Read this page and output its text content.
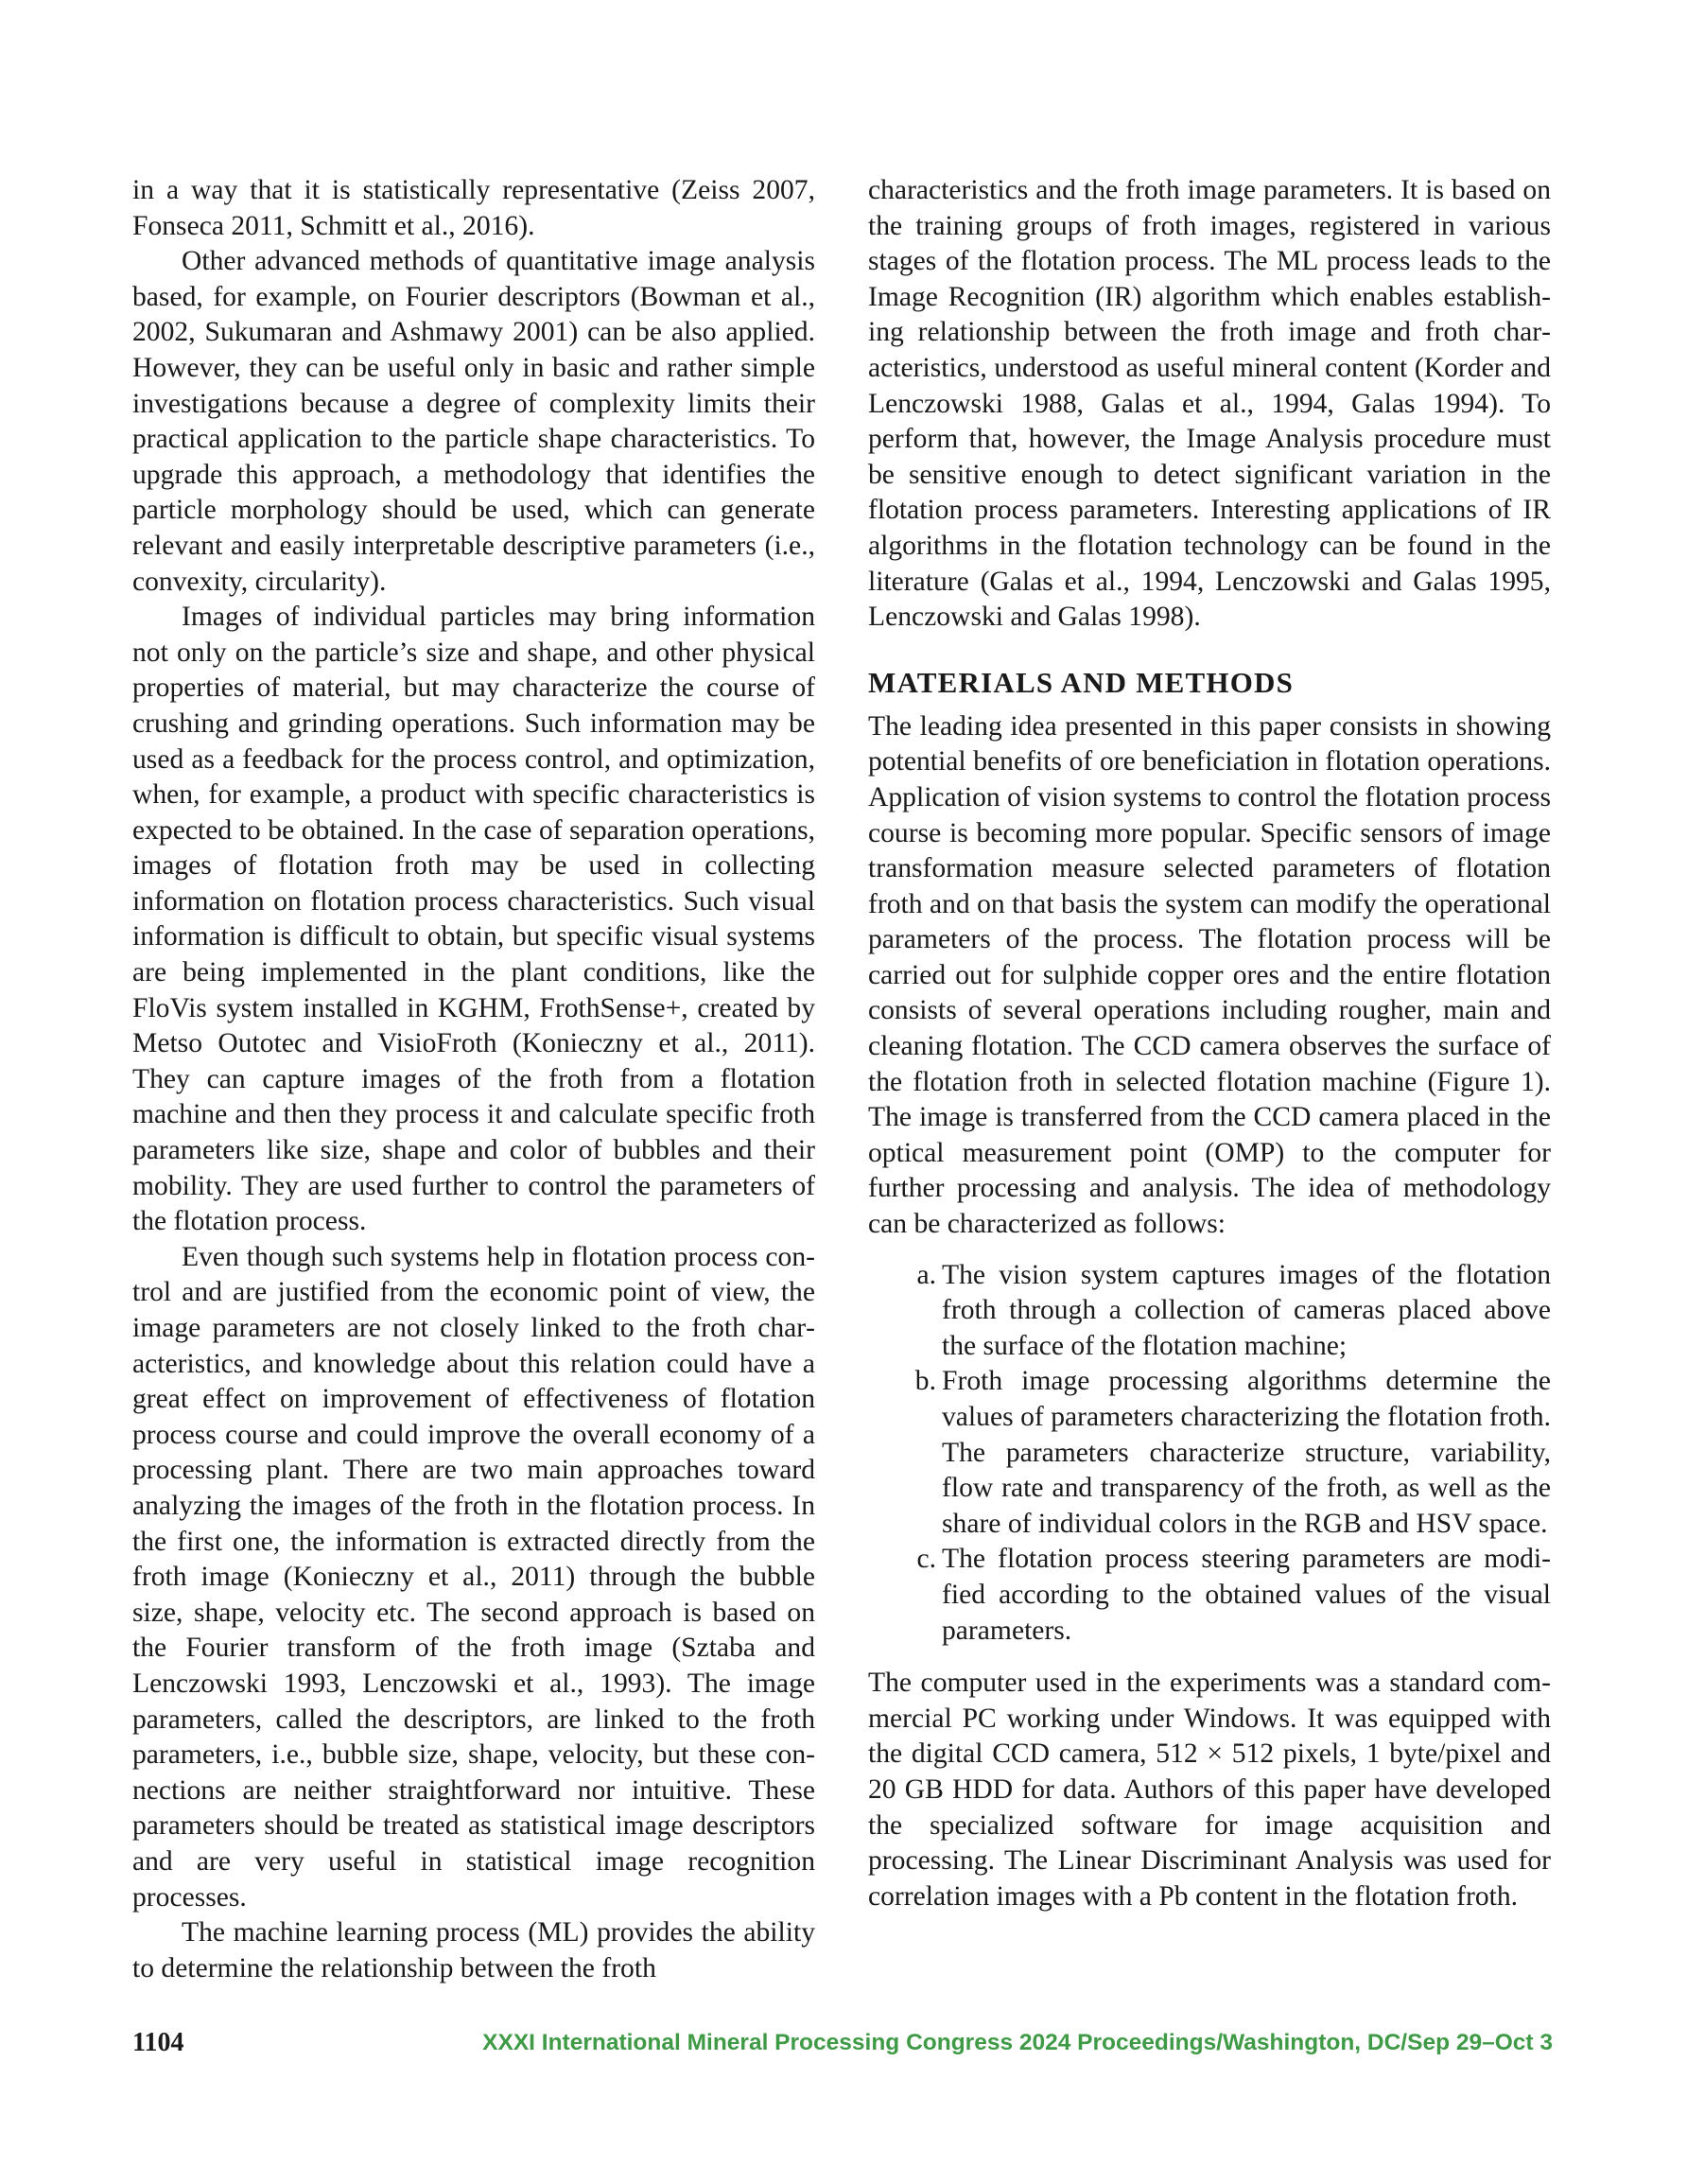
in a way that it is statistically representative (Zeiss 2007, Fonseca 2011, Schmitt et al., 2016).

Other advanced methods of quantitative image analysis based, for example, on Fourier descriptors (Bowman et al., 2002, Sukumaran and Ashmawy 2001) can be also applied. However, they can be useful only in basic and rather simple investigations because a degree of complexity limits their practical application to the particle shape characteristics. To upgrade this approach, a methodology that identifies the particle morphology should be used, which can generate relevant and easily interpretable descriptive parameters (i.e., convexity, circularity).

Images of individual particles may bring information not only on the particle’s size and shape, and other physical properties of material, but may characterize the course of crushing and grinding operations. Such information may be used as a feedback for the process control, and optimization, when, for example, a product with specific characteristics is expected to be obtained. In the case of separation operations, images of flotation froth may be used in collecting information on flotation process characteristics. Such visual information is difficult to obtain, but specific visual systems are being implemented in the plant conditions, like the FloVis system installed in KGHM, FrothSense+, created by Metso Outotec and VisioFroth (Konieczny et al., 2011). They can capture images of the froth from a flotation machine and then they process it and calculate specific froth parameters like size, shape and color of bubbles and their mobility. They are used further to control the parameters of the flotation process.

Even though such systems help in flotation process control and are justified from the economic point of view, the image parameters are not closely linked to the froth characteristics, and knowledge about this relation could have a great effect on improvement of effectiveness of flotation process course and could improve the overall economy of a processing plant. There are two main approaches toward analyzing the images of the froth in the flotation process. In the first one, the information is extracted directly from the froth image (Konieczny et al., 2011) through the bubble size, shape, velocity etc. The second approach is based on the Fourier transform of the froth image (Sztaba and Lenczowski 1993, Lenczowski et al., 1993). The image parameters, called the descriptors, are linked to the froth parameters, i.e., bubble size, shape, velocity, but these connections are neither straightforward nor intuitive. These parameters should be treated as statistical image descriptors and are very useful in statistical image recognition processes.

The machine learning process (ML) provides the ability to determine the relationship between the froth

characteristics and the froth image parameters. It is based on the training groups of froth images, registered in various stages of the flotation process. The ML process leads to the Image Recognition (IR) algorithm which enables establishing relationship between the froth image and froth characteristics, understood as useful mineral content (Korder and Lenczowski 1988, Galas et al., 1994, Galas 1994). To perform that, however, the Image Analysis procedure must be sensitive enough to detect significant variation in the flotation process parameters. Interesting applications of IR algorithms in the flotation technology can be found in the literature (Galas et al., 1994, Lenczowski and Galas 1995, Lenczowski and Galas 1998).

MATERIALS AND METHODS

The leading idea presented in this paper consists in showing potential benefits of ore beneficiation in flotation operations. Application of vision systems to control the flotation process course is becoming more popular. Specific sensors of image transformation measure selected parameters of flotation froth and on that basis the system can modify the operational parameters of the process. The flotation process will be carried out for sulphide copper ores and the entire flotation consists of several operations including rougher, main and cleaning flotation. The CCD camera observes the surface of the flotation froth in selected flotation machine (Figure 1). The image is transferred from the CCD camera placed in the optical measurement point (OMP) to the computer for further processing and analysis. The idea of methodology can be characterized as follows:

a. The vision system captures images of the flotation froth through a collection of cameras placed above the surface of the flotation machine;
b. Froth image processing algorithms determine the values of parameters characterizing the flotation froth. The parameters characterize structure, variability, flow rate and transparency of the froth, as well as the share of individual colors in the RGB and HSV space.
c. The flotation process steering parameters are modified according to the obtained values of the visual parameters.

The computer used in the experiments was a standard commercial PC working under Windows. It was equipped with the digital CCD camera, 512 × 512 pixels, 1 byte/pixel and 20 GB HDD for data. Authors of this paper have developed the specialized software for image acquisition and processing. The Linear Discriminant Analysis was used for correlation images with a Pb content in the flotation froth.

1104	XXXI International Mineral Processing Congress 2024 Proceedings/Washington, DC/Sep 29–Oct 3
